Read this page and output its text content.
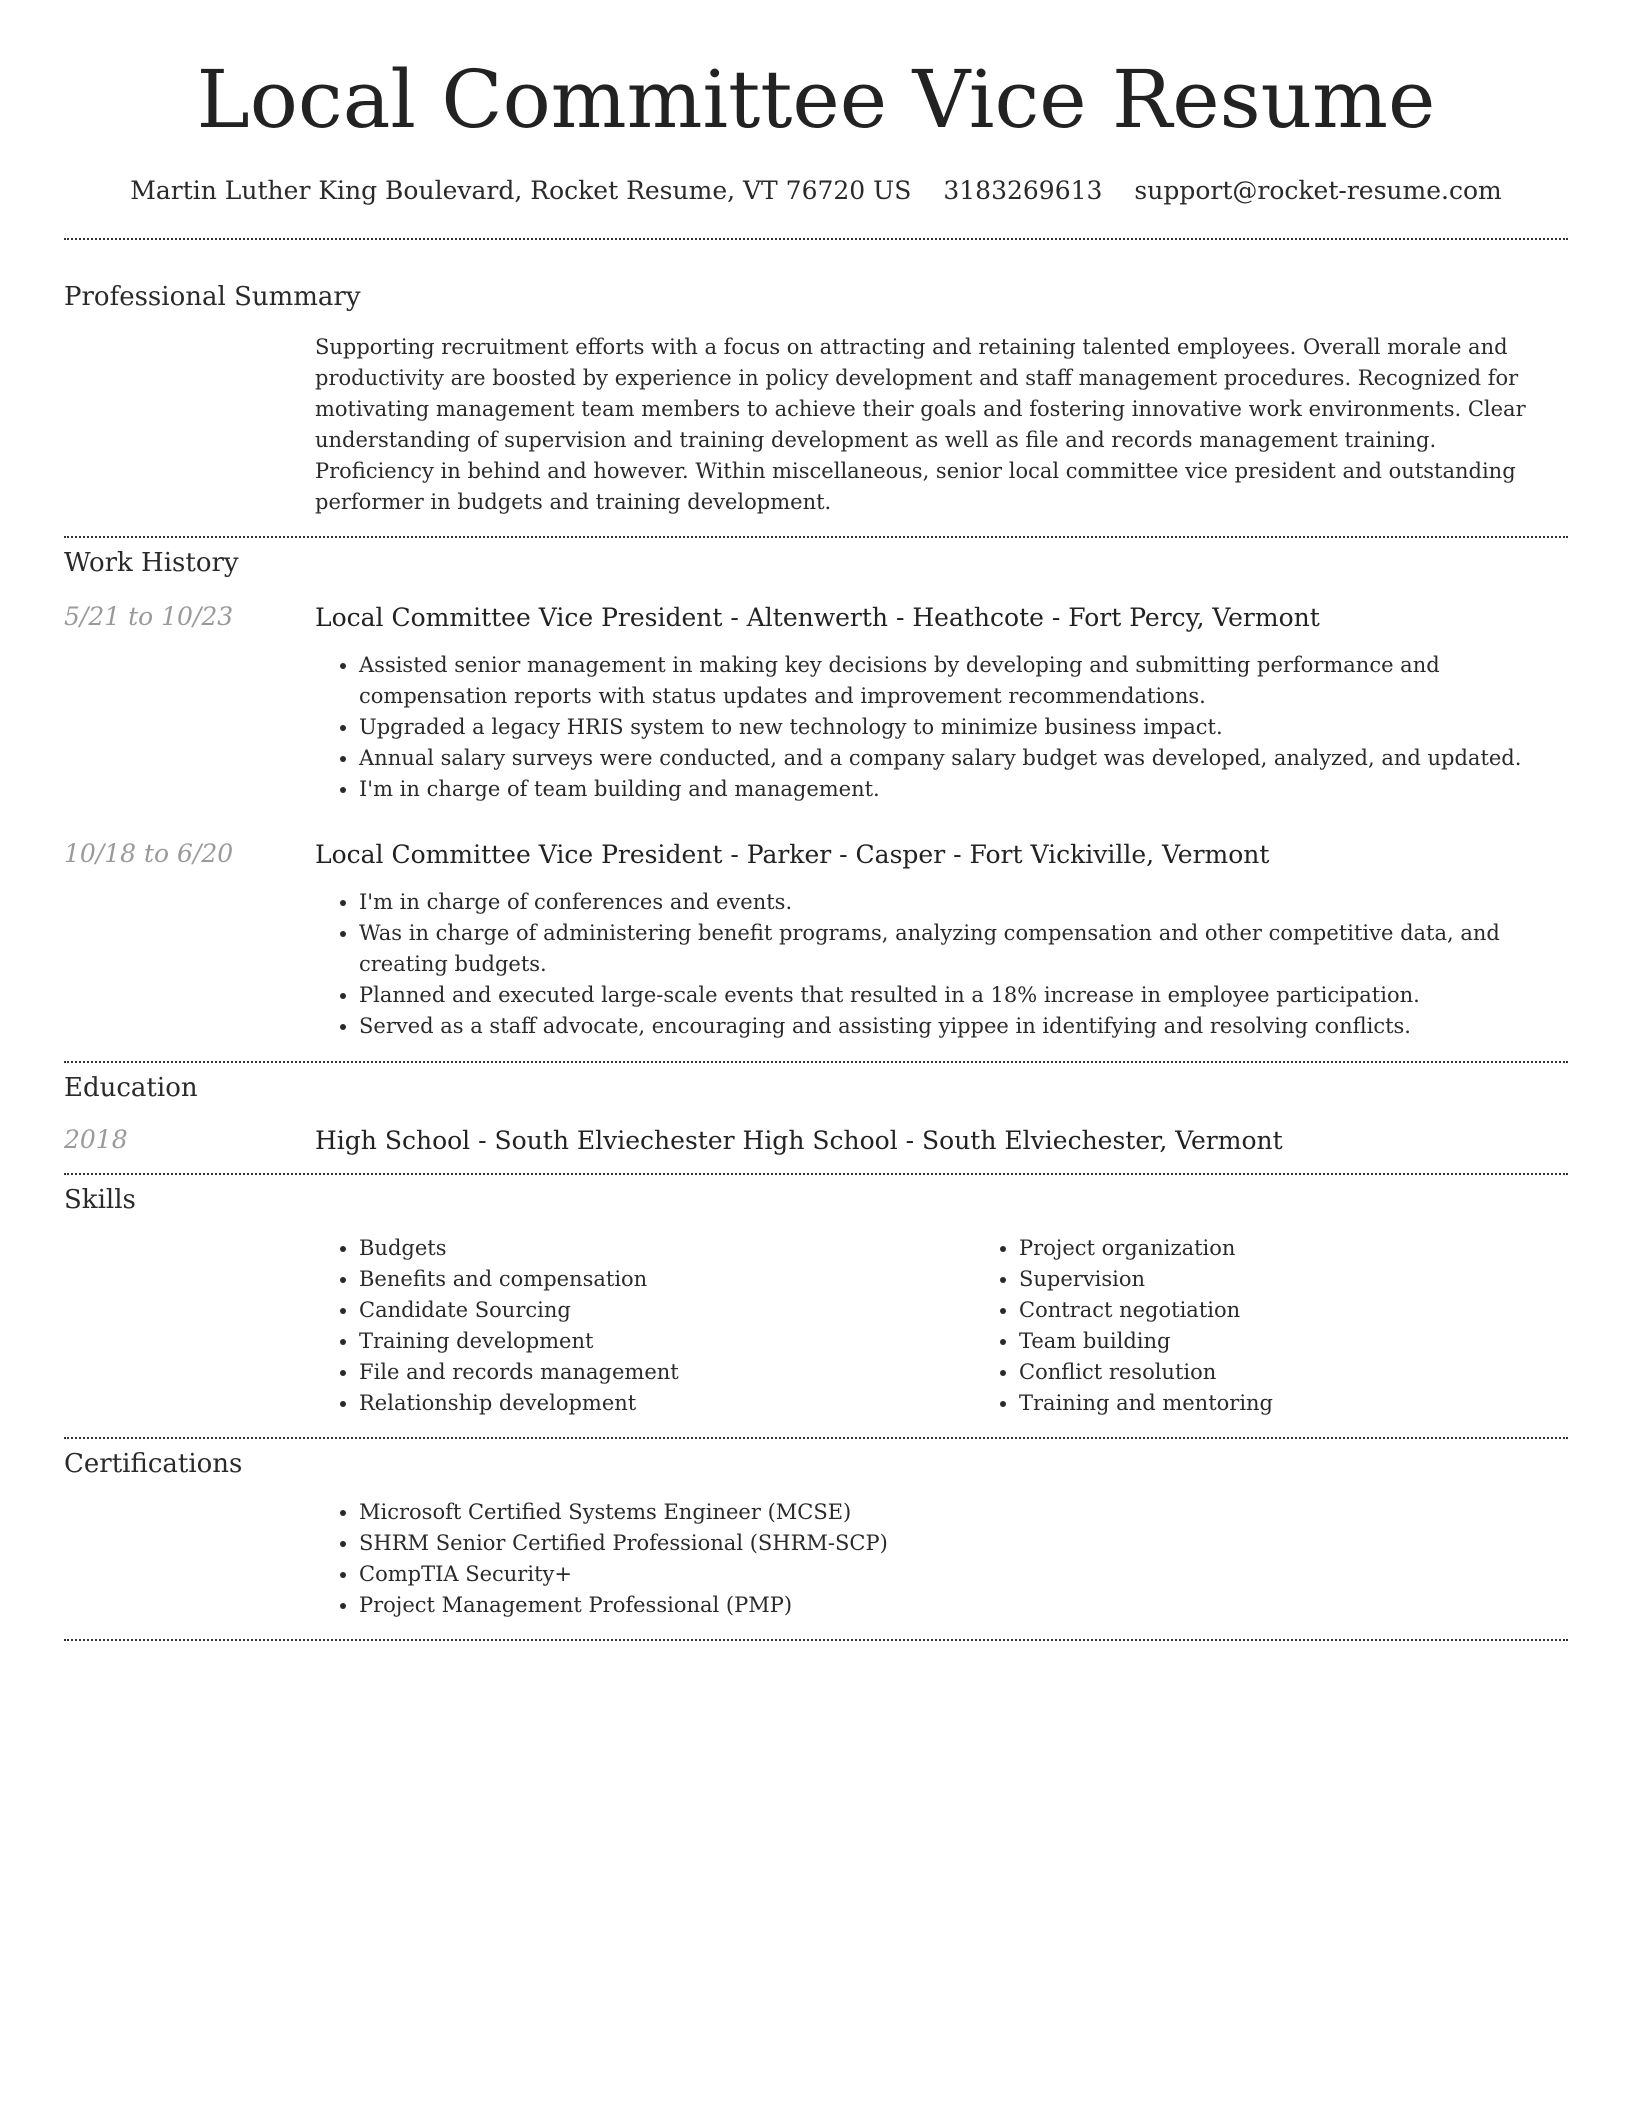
Local Committee Vice Resume
Martin Luther King Boulevard, Rocket Resume, VT 76720 US 3183269613 support@rocket-resume.com
Professional Summary

Supporting recruitment efforts with a focus on attracting and retaining talented employees. Overall morale and productivity are boosted by experience in policy development and staff management procedures. Recognized for motivating management team members to achieve their goals and fostering innovative work environments. Clear understanding of supervision and training development as well as file and records management training. Proficiency in behind and however. Within miscellaneous, senior local committee vice president and outstanding performer in budgets and training development.

Work History
5/21 to 10/23	Local Committee Vice President - Altenwerth - Heathcote - Fort Percy, Vermont

• Assisted senior management in making key decisions by developing and submitting performance and compensation reports with status updates and improvement recommendations.
• Upgraded a legacy HRIS system to new technology to minimize business impact.
• Annual salary surveys were conducted, and a company salary budget was developed, analyzed, and updated.
• I'm in charge of team building and management.
10/18 to 6/20	Local Committee Vice President - Parker - Casper - Fort Vickiville, Vermont

• I'm in charge of conferences and events.
• Was in charge of administering benefit programs, analyzing compensation and other competitive data, and creating budgets.
• Planned and executed large-scale events that resulted in a 18% increase in employee participation.
• Served as a staff advocate, encouraging and assisting yippee in identifying and resolving conflicts.
Education
2018	High School - South Elviechester High School - South Elviechester, Vermont

Skills
• Budgets
• Benefits and compensation
• Candidate Sourcing
• Training development
• File and records management
• Relationship development
• Project organization
• Supervision
• Contract negotiation
• Team building
• Conflict resolution
• Training and mentoring
Certifications
• Microsoft Certified Systems Engineer (MCSE)
• SHRM Senior Certified Professional (SHRM-SCP)
• CompTIA Security+
• Project Management Professional (PMP)
